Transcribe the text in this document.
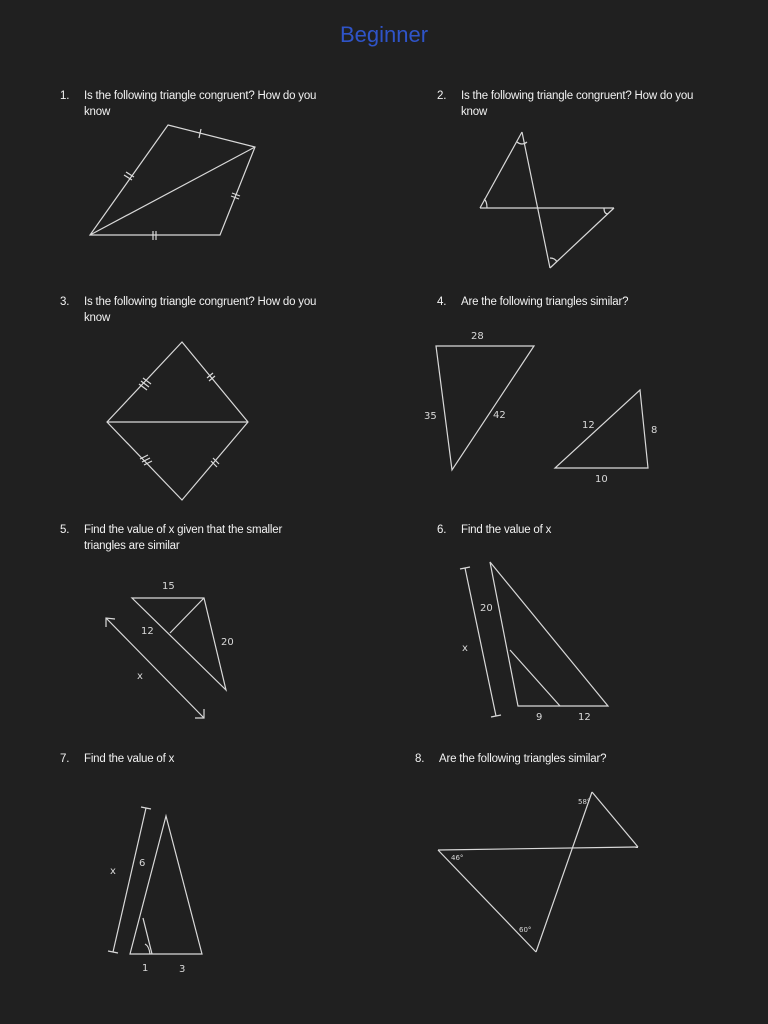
Beginner
1. Is the following triangle congruent? How do you know
2. Is the following triangle congruent? How do you know
3. Is the following triangle congruent? How do you know
4. Are the following triangles similar?
5. Find the value of x given that the smaller triangles are similar
6. Find the value of x
7. Find the value of x	8. Are the following triangles similar?
28
35	42
12	8
10
15
12
20
x
20
x
9	12
x
6
1	3
58°
46°
60°
